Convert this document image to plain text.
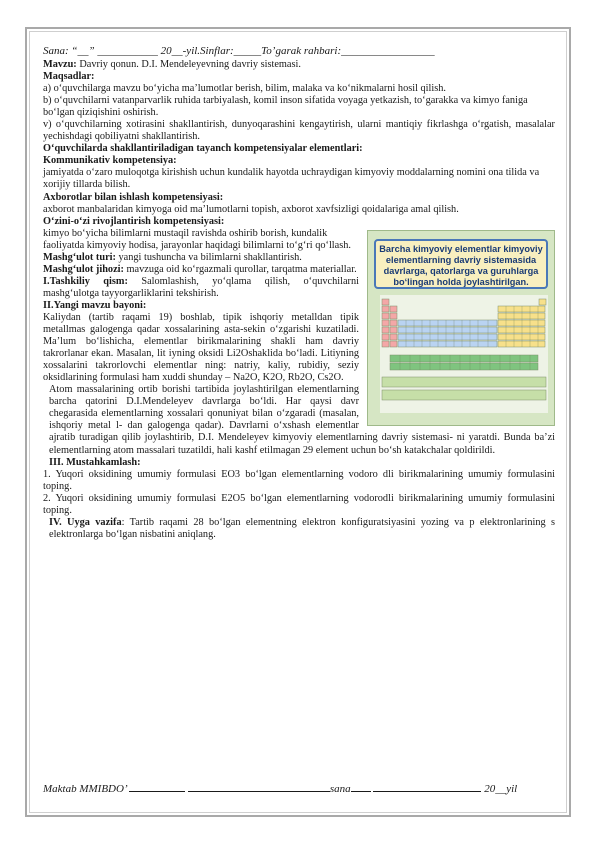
Sana: “__” ___________ 20__-yil.Sinflar:_____To’garak rahbari:_________________

Mavzu: Davriy qonun. D.I. Mendeleyevning davriy sistemasi.

Maqsadlar:

a) o‘quvchilarga mavzu bo‘yicha ma’lumotlar berish, bilim, malaka va ko‘nikmalarni hosil qilish.

b) o‘quvchilarni vatanparvarlik ruhida tarbiyalash, komil inson sifatida voyaga yetkazish, to‘garakka va kimyo faniga bo‘lgan qiziqishini oshirish.

v) o‘quvchilarning xotirasini shakllantirish, dunyoqarashini kengaytirish, ularni mantiqiy fikrlashga o‘rgatish, masalalar yechishdagi qobiliyatni shakllantirish.

O‘quvchilarda shakllantiriladigan tayanch kompetensiyalar elementlari:

Kommunikativ kompetensiya:

jamiyatda o‘zaro muloqotga kirishish uchun kundalik hayotda uchraydigan kimyoviy moddalarning nomini ona tilida va xorijiy tillarda bilish.

Axborotlar bilan ishlash kompetensiyasi:

axborot manbalaridan kimyoga oid ma’lumotlarni topish, axborot xavfsizligi qoidalariga amal qilish.

O‘zini-o‘zi rivojlantirish kompetensiyasi:

Barcha kimyoviy elementlar kimyoviy elementlarning davriy sistemasida davrlarga, qatorlarga va guruhlarga bo‘lingan holda joylashtirilgan.

kimyo bo‘yicha bilimlarni mustaqil ravishda oshirib borish, kundalik faoliyatda kimyoviy hodisa, jarayonlar haqidagi bilimlarni to‘g‘ri qo‘llash.

Mashg‘ulot turi: yangi tushuncha va bilimlarni shakllantirish.

Mashg‘ulot jihozi: mavzuga oid ko‘rgazmali qurollar, tarqatma materiallar.

I.Tashkiliy qism: Salomlashish, yo‘qlama qilish, o‘quvchilarni mashg‘ulotga tayyorgarliklarini tekshirish.

II.Yangi mavzu bayoni:

Kaliydan (tartib raqami 19) boshlab, tipik ishqoriy metalldan tipik metallmas galogenga qadar xossalarining asta-sekin o‘zgarishi kuzatiladi. Ma’lum bo‘lishicha, elementlar birikmalarining shakli ham davriy takrorlanar ekan. Masalan, lit iyning oksidi Li2Oshaklida bo‘ladi. Litiyning xossalarini takrorlovchi elementlar ning: natriy, kaliy, rubidiy, seziy oksidlarining formulasi ham xuddi shunday – Na2O, K2O, Rb2O, Cs2O.

Atom massalarining ortib borishi tartibida joylashtirilgan elementlarning barcha qatorini D.I.Mendeleyev davrlarga bo‘ldi. Har qaysi davr chegarasida elementlarning xossalari qonuniyat bilan o‘zgaradi (masalan, ishqoriy metal l- dan galogenga qadar). Davrlarni o‘xshash elementlar ajratib turadigan qilib joylashtirib, D.I. Mendeleyev kimyoviy elementlarning davriy sistemasi- ni yaratdi. Bunda ba’zi elementlarning atom massalari tuzatildi, hali kashf etilmagan 29 element uchun bo‘sh katakchalar qoldirildi.

III. Mustahkamlash:

1. Yuqori oksidining umumiy formulasi EO3 bo‘lgan elementlarning vodoro dli birikmalarining umumiy formulasini toping.

2. Yuqori oksidining umumiy formulasi E2O5 bo‘lgan elementlarning vodorodli birikmalarining umumiy formulasini toping.

IV. Uyga vazifa: Tartib raqami 28 bo‘lgan elementning elektron konfiguratsiyasini yozing va p elektronlarining s elektronlarga bo‘lgan nisbatini aniqlang.

Maktab MMIBDO’	sana	20__yil
